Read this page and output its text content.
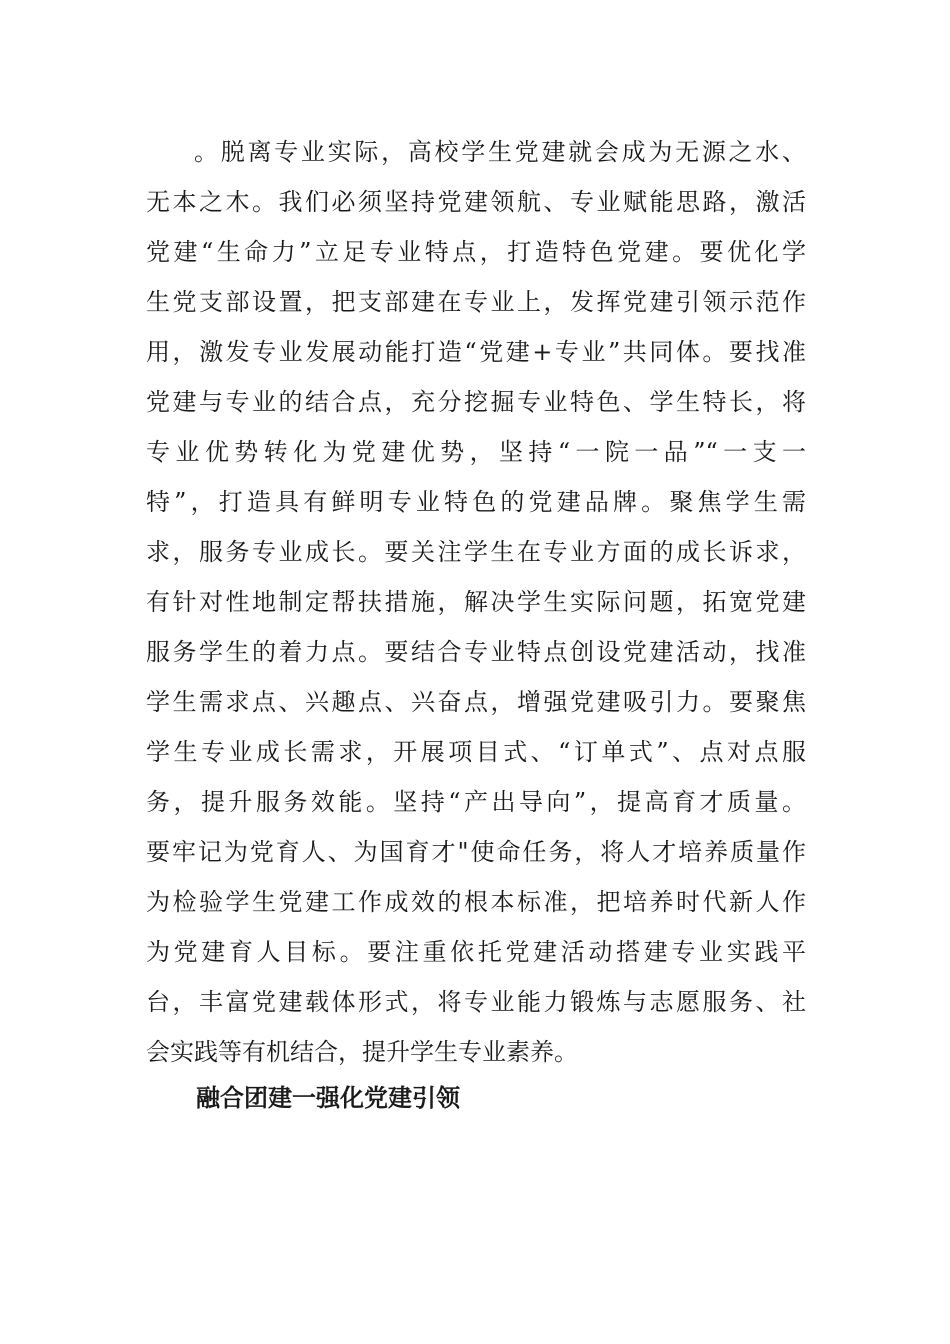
。脱离专业实际，高校学生党建就会成为无源之水、
无本之木。我们必须坚持党建领航、专业赋能思路，激活
党建“生命力”立足专业特点，打造特色党建。要优化学
生党支部设置，把支部建在专业上，发挥党建引领示范作
用，激发专业发展动能打造“党建+专业”共同体。要找准
党建与专业的结合点，充分挖掘专业特色、学生特长，将
专业优势转化为党建优势，坚持“一院一品”“一支一
特”，打造具有鲜明专业特色的党建品牌。聚焦学生需
求，服务专业成长。要关注学生在专业方面的成长诉求，
有针对性地制定帮扶措施，解决学生实际问题，拓宽党建
服务学生的着力点。要结合专业特点创设党建活动，找准
学生需求点、兴趣点、兴奋点，增强党建吸引力。要聚焦
学生专业成长需求，开展项目式、“订单式”、点对点服
务，提升服务效能。坚持“产出导向”，提高育才质量。
要牢记为党育人、为国育才"使命任务，将人才培养质量作
为检验学生党建工作成效的根本标准，把培养时代新人作
为党建育人目标。要注重依托党建活动搭建专业实践平
台，丰富党建载体形式，将专业能力锻炼与志愿服务、社
会实践等有机结合，提升学生专业素养。
融合团建一强化党建引领
